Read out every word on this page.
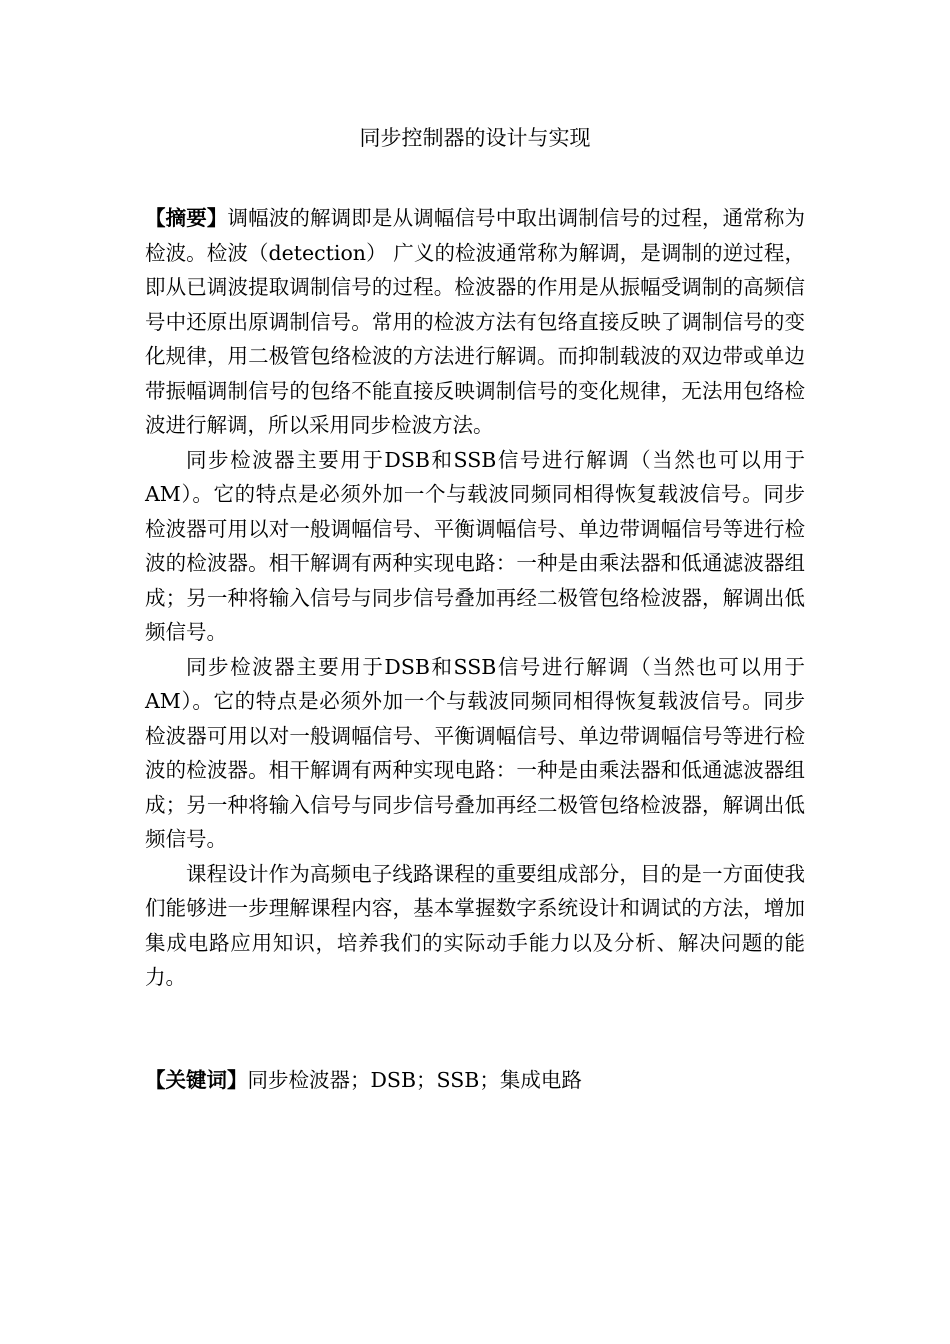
同步控制器的设计与实现

【摘要】调幅波的解调即是从调幅信号中取出调制信号的过程，通常称为检波。检波（detection） 广义的检波通常称为解调，是调制的逆过程，即从已调波提取调制信号的过程。检波器的作用是从振幅受调制的高频信号中还原出原调制信号。常用的检波方法有包络直接反映了调制信号的变化规律，用二极管包络检波的方法进行解调。而抑制载波的双边带或单边带振幅调制信号的包络不能直接反映调制信号的变化规律，无法用包络检波进行解调，所以采用同步检波方法。

同步检波器主要用于DSB和SSB信号进行解调（当然也可以用于AM）。它的特点是必须外加一个与载波同频同相得恢复载波信号。同步检波器可用以对一般调幅信号、平衡调幅信号、单边带调幅信号等进行检波的检波器。相干解调有两种实现电路：一种是由乘法器和低通滤波器组成；另一种将输入信号与同步信号叠加再经二极管包络检波器，解调出低频信号。

同步检波器主要用于DSB和SSB信号进行解调（当然也可以用于AM）。它的特点是必须外加一个与载波同频同相得恢复载波信号。同步检波器可用以对一般调幅信号、平衡调幅信号、单边带调幅信号等进行检波的检波器。相干解调有两种实现电路：一种是由乘法器和低通滤波器组成；另一种将输入信号与同步信号叠加再经二极管包络检波器，解调出低频信号。

课程设计作为高频电子线路课程的重要组成部分，目的是一方面使我们能够进一步理解课程内容，基本掌握数字系统设计和调试的方法，增加集成电路应用知识，培养我们的实际动手能力以及分析、解决问题的能力。

【关键词】同步检波器；DSB；SSB；集成电路
